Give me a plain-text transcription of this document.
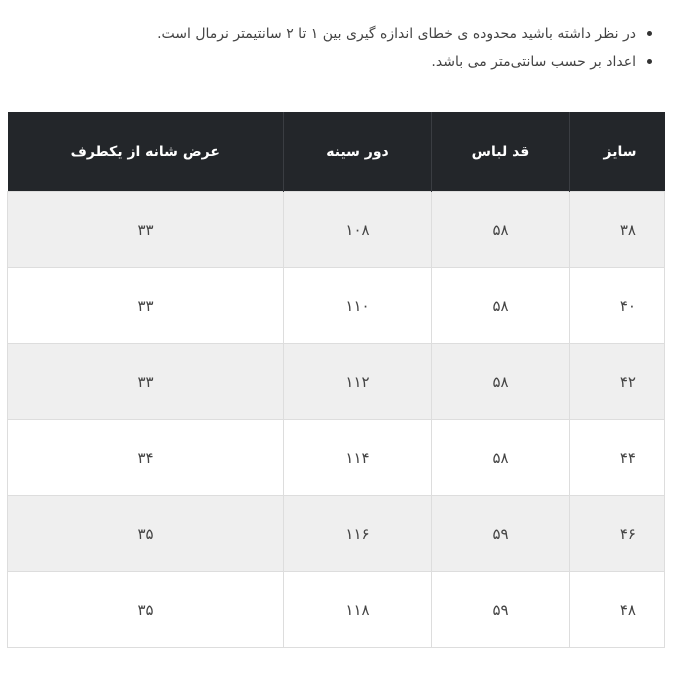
در نظر داشته باشید محدوده ی خطای اندازه گیری بین ۱ تا ۲ سانتیمتر نرمال است.
اعداد بر حسب سانتی‌متر می باشد.
سایز	قد لباس	دور سینه	عرض شانه از یکطرف
۳۸	۵۸	۱۰۸	۳۳
۴۰	۵۸	۱۱۰	۳۳
۴۲	۵۸	۱۱۲	۳۳
۴۴	۵۸	۱۱۴	۳۴
۴۶	۵۹	۱۱۶	۳۵
۴۸	۵۹	۱۱۸	۳۵
